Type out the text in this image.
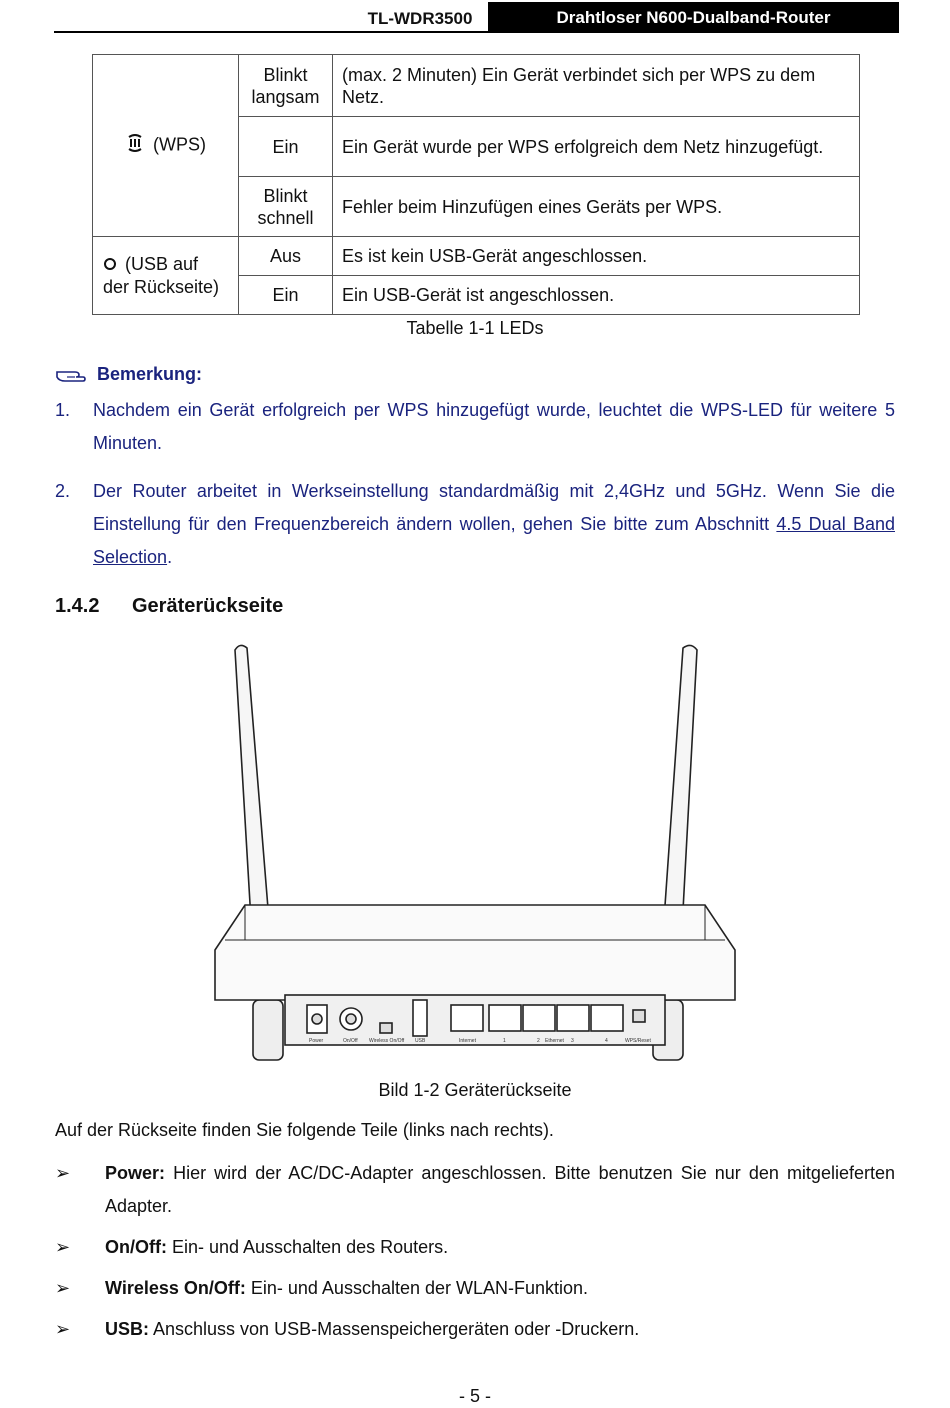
TL-WDR3500	Drahtloser N600-Dualband-Router
(WPS)	Blinkt langsam	(max. 2 Minuten) Ein Gerät verbindet sich per WPS zu dem Netz.
	Ein	Ein Gerät wurde per WPS erfolgreich dem Netz hinzugefügt.
	Blinkt schnell	Fehler beim Hinzufügen eines Geräts per WPS.
(USB auf der Rückseite)	Aus	Es ist kein USB-Gerät angeschlossen.
	Ein	Ein USB-Gerät ist angeschlossen.
Tabelle 1-1 LEDs
Bemerkung:
1.	Nachdem ein Gerät erfolgreich per WPS hinzugefügt wurde, leuchtet die WPS-LED für weitere 5 Minuten.
2.	Der Router arbeitet in Werkseinstellung standardmäßig mit 2,4GHz und 5GHz. Wenn Sie die Einstellung für den Frequenzbereich ändern wollen, gehen Sie bitte zum Abschnitt 4.5 Dual Band Selection.
1.4.2 Geräterückseite
Power	On/Off Wireless On/Off USB	Internet	1	2 Ethernet 3	4	WPS/Reset
Bild 1-2 Geräterückseite
Auf der Rückseite finden Sie folgende Teile (links nach rechts).
➢ Power: Hier wird der AC/DC-Adapter angeschlossen. Bitte benutzen Sie nur den mitgelieferten Adapter.
➢ On/Off: Ein- und Ausschalten des Routers.
➢ Wireless On/Off: Ein- und Ausschalten der WLAN-Funktion.
➢ USB: Anschluss von USB-Massenspeichergeräten oder -Druckern.
- 5 -
